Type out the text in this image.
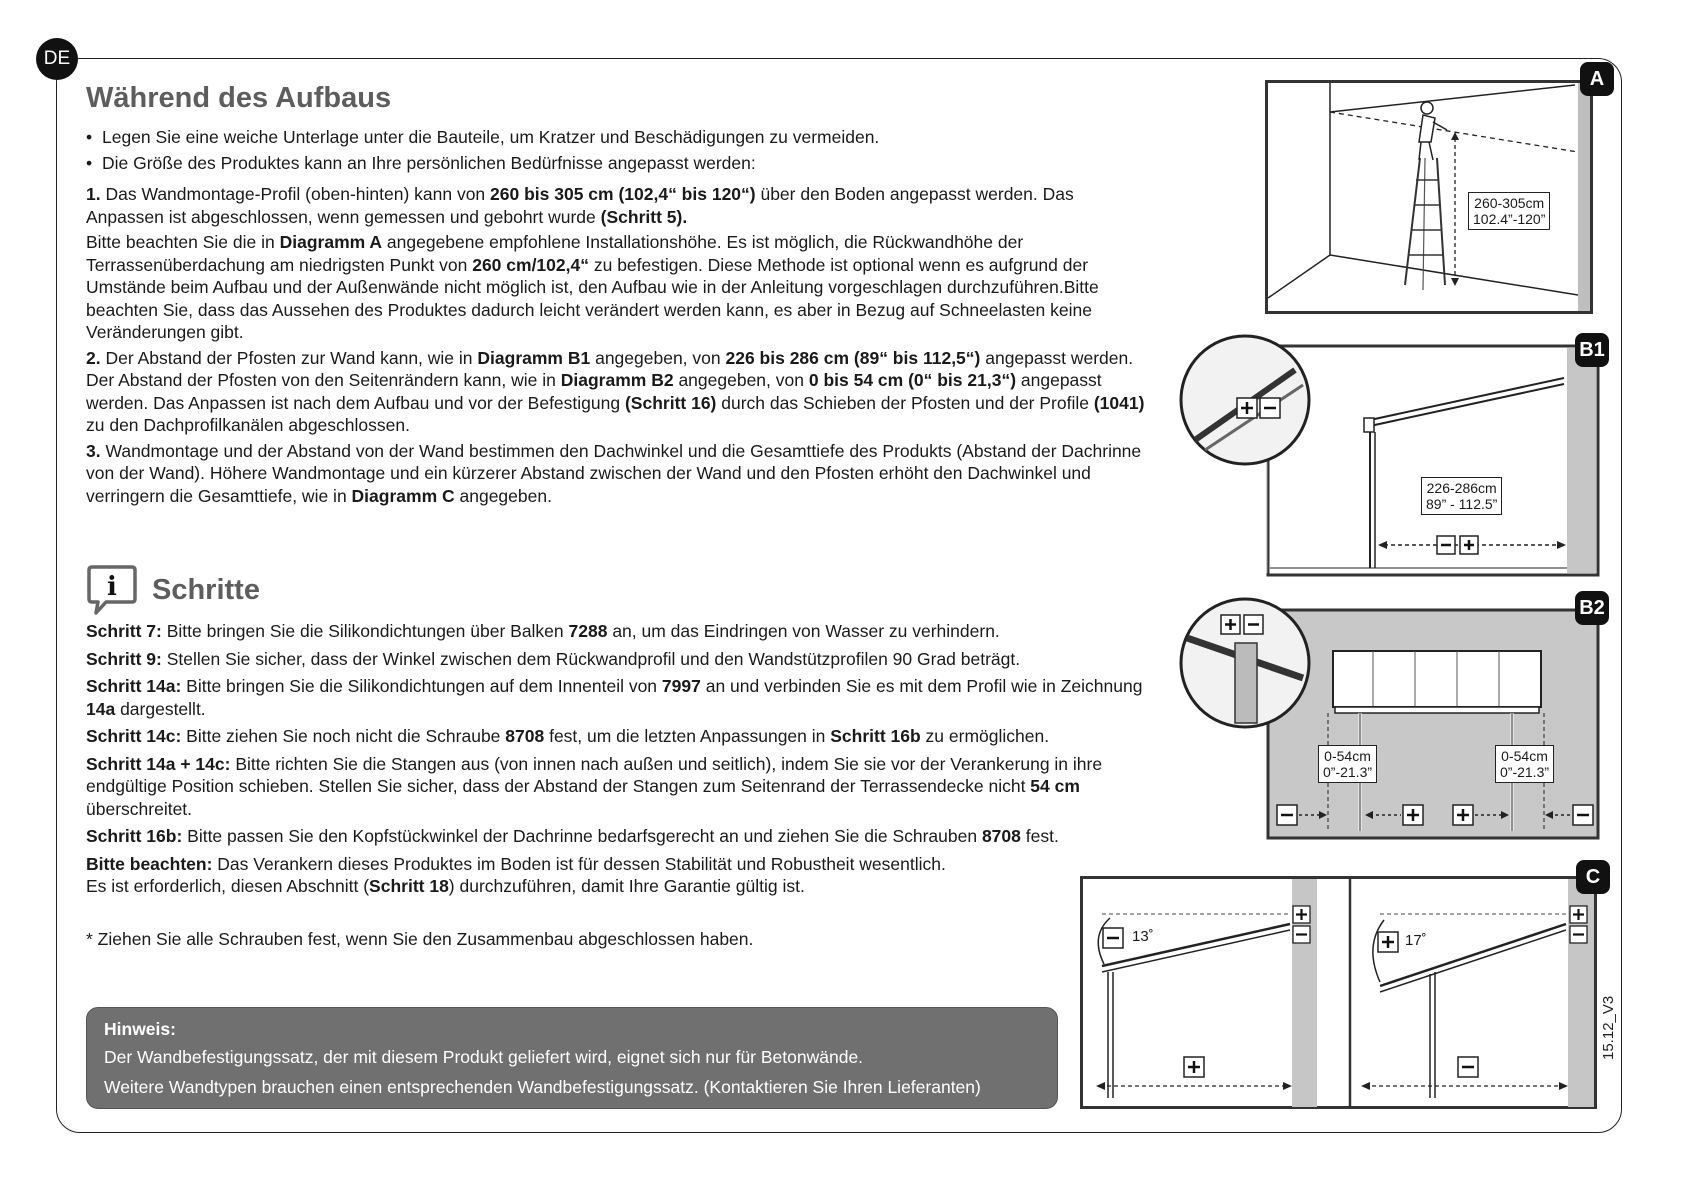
DE
Während des Aufbaus
• Legen Sie eine weiche Unterlage unter die Bauteile, um Kratzer und Beschädigungen zu vermeiden.
• Die Größe des Produktes kann an Ihre persönlichen Bedürfnisse angepasst werden:

1. Das Wandmontage-Profil (oben-hinten) kann von 260 bis 305 cm (102,4“ bis 120“) über den Boden angepasst werden. Das Anpassen ist abgeschlossen, wenn gemessen und gebohrt wurde (Schritt 5).

Bitte beachten Sie die in Diagramm A angegebene empfohlene Installationshöhe. Es ist möglich, die Rückwandhöhe der Terrassenüberdachung am niedrigsten Punkt von 260 cm/102,4“ zu befestigen. Diese Methode ist optional wenn es aufgrund der Umstände beim Aufbau und der Außenwände nicht möglich ist, den Aufbau wie in der Anleitung vorgeschlagen durchzuführen.Bitte beachten Sie, dass das Aussehen des Produktes dadurch leicht verändert werden kann, es aber in Bezug auf Schneelasten keine Veränderungen gibt.

2. Der Abstand der Pfosten zur Wand kann, wie in Diagramm B1 angegeben, von 226 bis 286 cm (89“ bis 112,5“) angepasst werden. Der Abstand der Pfosten von den Seitenrändern kann, wie in Diagramm B2 angegeben, von 0 bis 54 cm (0“ bis 21,3“) angepasst werden. Das Anpassen ist nach dem Aufbau und vor der Befestigung (Schritt 16) durch das Schieben der Pfosten und der Profile (1041) zu den Dachprofilkanälen abgeschlossen.

3. Wandmontage und der Abstand von der Wand bestimmen den Dachwinkel und die Gesamttiefe des Produkts (Abstand der Dachrinne von der Wand). Höhere Wandmontage und ein kürzerer Abstand zwischen der Wand und den Pfosten erhöht den Dachwinkel und verringern die Gesamttiefe, wie in Diagramm C angegeben.

i Schritte

Schritt 7: Bitte bringen Sie die Silikondichtungen über Balken 7288 an, um das Eindringen von Wasser zu verhindern.

Schritt 9: Stellen Sie sicher, dass der Winkel zwischen dem Rückwandprofil und den Wandstützprofilen 90 Grad beträgt.

Schritt 14a: Bitte bringen Sie die Silikondichtungen auf dem Innenteil von 7997 an und verbinden Sie es mit dem Profil wie in Zeichnung 14a dargestellt.

Schritt 14c: Bitte ziehen Sie noch nicht die Schraube 8708 fest, um die letzten Anpassungen in Schritt 16b zu ermöglichen.

Schritt 14a + 14c: Bitte richten Sie die Stangen aus (von innen nach außen und seitlich), indem Sie sie vor der Verankerung in ihre endgültige Position schieben. Stellen Sie sicher, dass der Abstand der Stangen zum Seitenrand der Terrassendecke nicht 54 cm überschreitet.

Schritt 16b: Bitte passen Sie den Kopfstückwinkel der Dachrinne bedarfsgerecht an und ziehen Sie die Schrauben 8708 fest.

Bitte beachten: Das Verankern dieses Produktes im Boden ist für dessen Stabilität und Robustheit wesentlich.
Es ist erforderlich, diesen Abschnitt (Schritt 18) durchzuführen, damit Ihre Garantie gültig ist.

* Ziehen Sie alle Schrauben fest, wenn Sie den Zusammenbau abgeschlossen haben.

Hinweis:
Der Wandbefestigungssatz, der mit diesem Produkt geliefert wird, eignet sich nur für Betonwände.
Weitere Wandtypen brauchen einen entsprechenden Wandbefestigungssatz. (Kontaktieren Sie Ihren Lieferanten)
260-305cm
102.4”-120”
A
226-286cm
89” - 112.5”
B1
0-54cm
0”-21.3”
0-54cm
0”-21.3”
B2
13˚	17˚
C
15.12_V3
